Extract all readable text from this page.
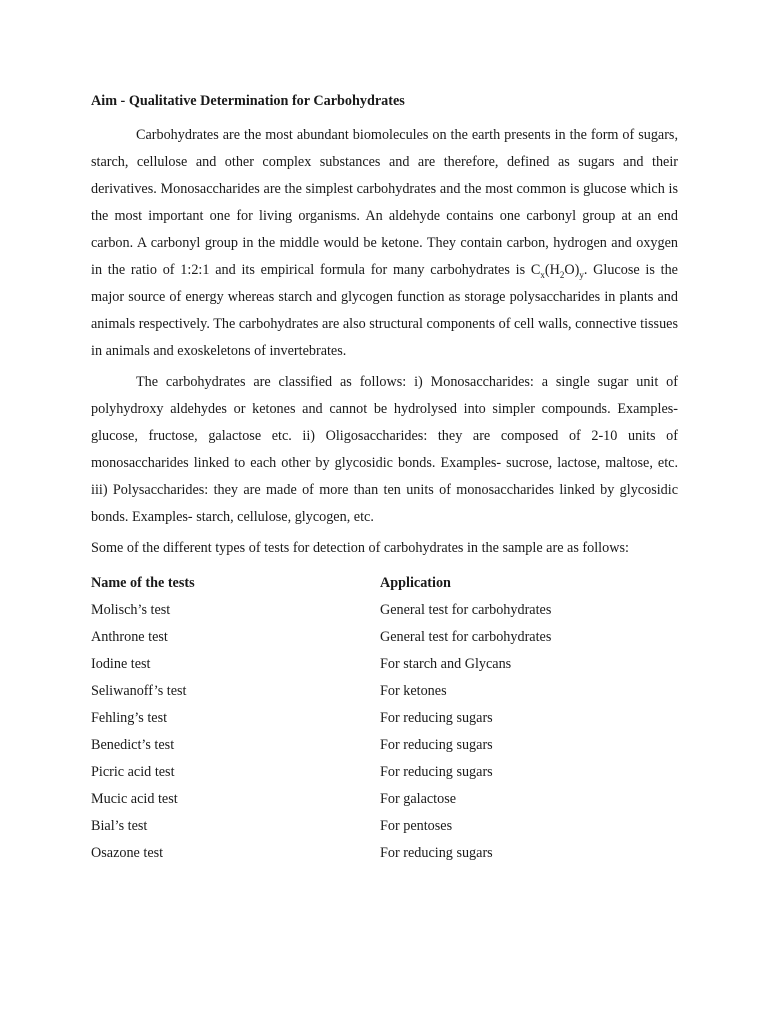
Aim - Qualitative Determination for Carbohydrates

Carbohydrates are the most abundant biomolecules on the earth presents in the form of sugars, starch, cellulose and other complex substances and are therefore, defined as sugars and their derivatives. Monosaccharides are the simplest carbohydrates and the most common is glucose which is the most important one for living organisms. An aldehyde contains one carbonyl group at an end carbon. A carbonyl group in the middle would be ketone. They contain carbon, hydrogen and oxygen in the ratio of 1:2:1 and its empirical formula for many carbohydrates is $C_x(H_2O)_y$. Glucose is the major source of energy whereas starch and glycogen function as storage polysaccharides in plants and animals respectively. The carbohydrates are also structural components of cell walls, connective tissues in animals and exoskeletons of invertebrates.

The carbohydrates are classified as follows: i) Monosaccharides: a single sugar unit of polyhydroxy aldehydes or ketones and cannot be hydrolysed into simpler compounds. Examples- glucose, fructose, galactose etc. ii) Oligosaccharides: they are composed of 2-10 units of monosaccharides linked to each other by glycosidic bonds. Examples- sucrose, lactose, maltose, etc. iii) Polysaccharides: they are made of more than ten units of monosaccharides linked by glycosidic bonds. Examples- starch, cellulose, glycogen, etc.

Some of the different types of tests for detection of carbohydrates in the sample are as follows:

Name of the tests	Application
Molisch’s test	General test for carbohydrates
Anthrone test	General test for carbohydrates
Iodine test	For starch and Glycans
Seliwanoff’s test	For ketones
Fehling’s test	For reducing sugars
Benedict’s test	For reducing sugars
Picric acid test	For reducing sugars
Mucic acid test	For galactose
Bial’s test	For pentoses
Osazone test	For reducing sugars
